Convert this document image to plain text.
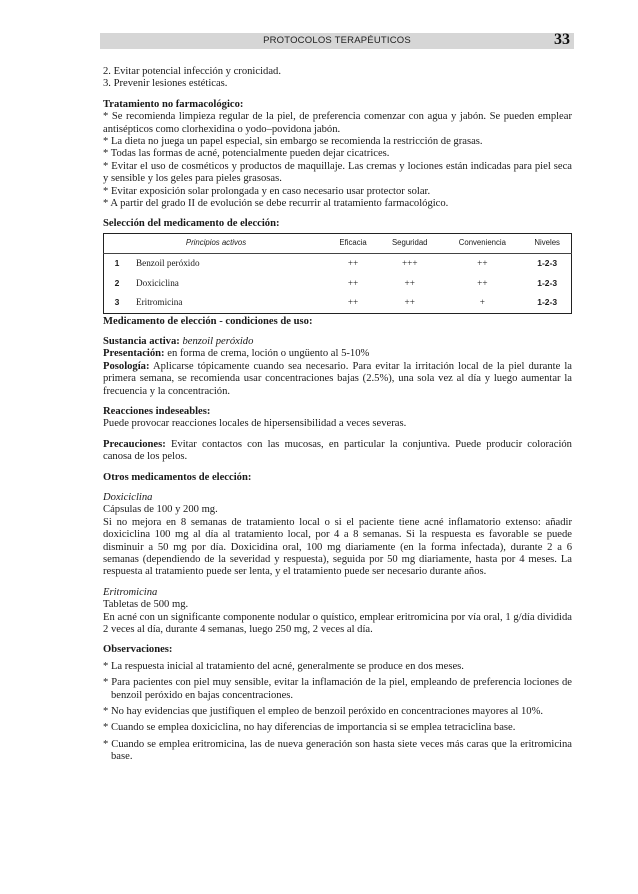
PROTOCOLOS TERAPÉUTICOS	33

2. Evitar potencial infección y cronicidad.

3. Prevenir lesiones estéticas.

Tratamiento no farmacológico:

* Se recomienda limpieza regular de la piel, de preferencia comenzar con agua y jabón. Se pueden emplear antisépticos como clorhexidina o yodo–povidona jabón.

* La dieta no juega un papel especial, sin embargo se recomienda la restricción de grasas.

* Todas las formas de acné, potencialmente pueden dejar cicatrices.

* Evitar el uso de cosméticos y productos de maquillaje. Las cremas y lociones están indicadas para piel seca y sensible y los geles para pieles grasosas.

* Evitar exposición solar prolongada y en caso necesario usar protector solar.

* A partir del grado II de evolución se debe recurrir al tratamiento farmacológico.

Selección del medicamento de elección:

Principios activos		Eficacia	Seguridad	Conveniencia	Niveles
1	Benzoil peróxido	++	+++	++	1-2-3
2	Doxiciclina	++	++	++	1-2-3
3	Eritromicina	++	++	+	1-2-3

Medicamento de elección - condiciones de uso:

Sustancia activa: benzoil peróxido

Presentación: en forma de crema, loción o ungüento al 5-10%

Posología: Aplicarse tópicamente cuando sea necesario. Para evitar la irritación local de la piel durante la primera semana, se recomienda usar concentraciones bajas (2.5%), una sola vez al día y luego aumentar la frecuencia y la concentración.

Reacciones indeseables:

Puede provocar reacciones locales de hipersensibilidad a veces severas.

Precauciones: Evitar contactos con las mucosas, en particular la conjuntiva. Puede producir coloración canosa de los pelos.

Otros medicamentos de elección:

Doxiciclina

Cápsulas de 100 y 200 mg.

Si no mejora en 8 semanas de tratamiento local o si el paciente tiene acné inflamatorio extenso: añadir doxiciclina 100 mg al día al tratamiento local, por 4 a 8 semanas. Si la respuesta es favorable se puede disminuir a 50 mg por día. Doxicidina oral, 100 mg diariamente (en la forma infectada), durante 2 a 6 semanas (dependiendo de la severidad y respuesta), seguida por 50 mg diariamente, hasta por 4 meses. La respuesta al tratamiento puede ser lenta, y el tratamiento puede ser necesario durante años.

Eritromicina

Tabletas de 500 mg.

En acné con un significante componente nodular o quístico, emplear eritromicina por vía oral, 1 g/día dividida 2 veces al día, durante 4 semanas, luego 250 mg, 2 veces al día.

Observaciones:

* La respuesta inicial al tratamiento del acné, generalmente se produce en dos meses.

* Para pacientes con piel muy sensible, evitar la inflamación de la piel, empleando de preferencia lociones de benzoil peróxido en bajas concentraciones.

* No hay evidencias que justifiquen el empleo de benzoil peróxido en concentraciones mayores al 10%.

* Cuando se emplea doxiciclina, no hay diferencias de importancia si se emplea tetraciclina base.

* Cuando se emplea eritromicina, las de nueva generación son hasta siete veces más caras que la eritromicina base.
